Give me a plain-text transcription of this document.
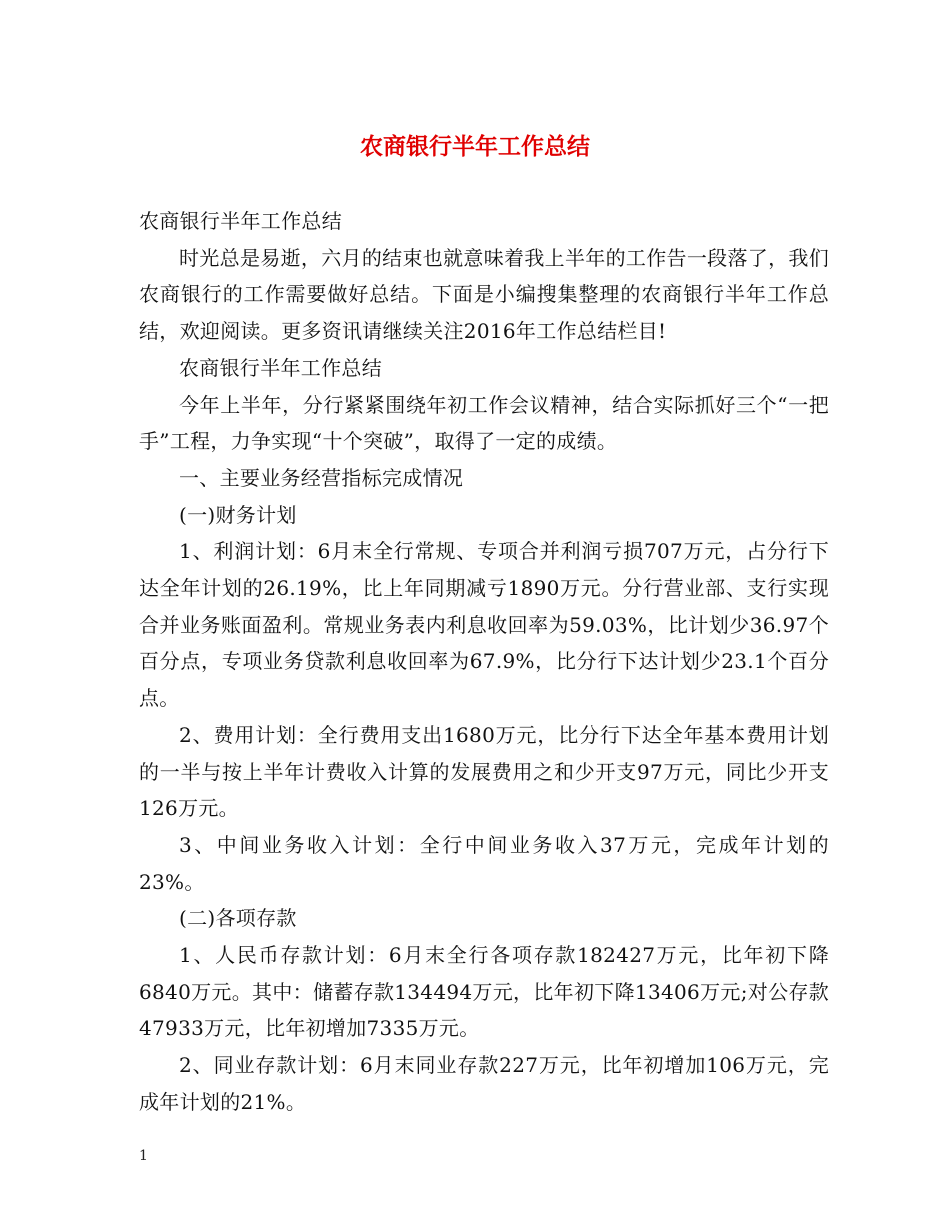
农商银行半年工作总结

农商银行半年工作总结

时光总是易逝，六月的结束也就意味着我上半年的工作告一段落了，我们农商银行的工作需要做好总结。下面是小编搜集整理的农商银行半年工作总结，欢迎阅读。更多资讯请继续关注2016年工作总结栏目!

农商银行半年工作总结

今年上半年，分行紧紧围绕年初工作会议精神，结合实际抓好三个“一把手”工程，力争实现“十个突破”，取得了一定的成绩。

一、主要业务经营指标完成情况

(一)财务计划

1、利润计划：6月末全行常规、专项合并利润亏损707万元，占分行下达全年计划的26.19%，比上年同期减亏1890万元。分行营业部、支行实现合并业务账面盈利。常规业务表内利息收回率为59.03%，比计划少36.97个百分点，专项业务贷款利息收回率为67.9%，比分行下达计划少23.1个百分点。

2、费用计划：全行费用支出1680万元，比分行下达全年基本费用计划的一半与按上半年计费收入计算的发展费用之和少开支97万元，同比少开支126万元。

3、中间业务收入计划：全行中间业务收入37万元，完成年计划的23%。

(二)各项存款

1、人民币存款计划：6月末全行各项存款182427万元，比年初下降6840万元。其中：储蓄存款134494万元，比年初下降13406万元;对公存款47933万元，比年初增加7335万元。

2、同业存款计划：6月末同业存款227万元，比年初增加106万元，完成年计划的21%。

1
